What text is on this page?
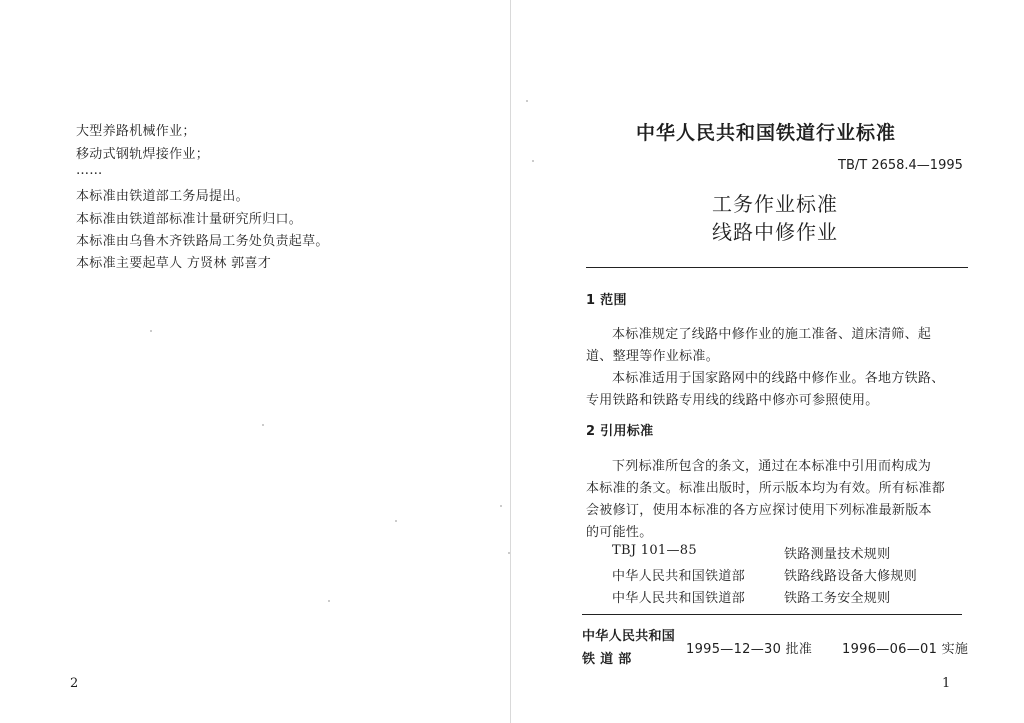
大型养路机械作业；
移动式钢轨焊接作业；
……
本标准由铁道部工务局提出。
本标准由铁道部标准计量研究所归口。
本标准由乌鲁木齐铁路局工务处负责起草。
本标准主要起草人 方贤林 郭喜才
2
中华人民共和国铁道行业标准
TB/T 2658.4—1995
工务作业标准
线路中修作业
1 范围
本标准规定了线路中修作业的施工准备、道床清筛、起
道、整理等作业标准。
本标准适用于国家路网中的线路中修作业。各地方铁路、
专用铁路和铁路专用线的线路中修亦可参照使用。
2 引用标准
下列标准所包含的条文，通过在本标准中引用而构成为
本标准的条文。标准出版时，所示版本均为有效。所有标准都
会被修订，使用本标准的各方应探讨使用下列标准最新版本
的可能性。
TBJ 101—85	铁路测量技术规则
中华人民共和国铁道部	铁路线路设备大修规则
中华人民共和国铁道部	铁路工务安全规则
中华人民共和国
铁 道 部
1995—12—30 批准 1996—06—01 实施
1
